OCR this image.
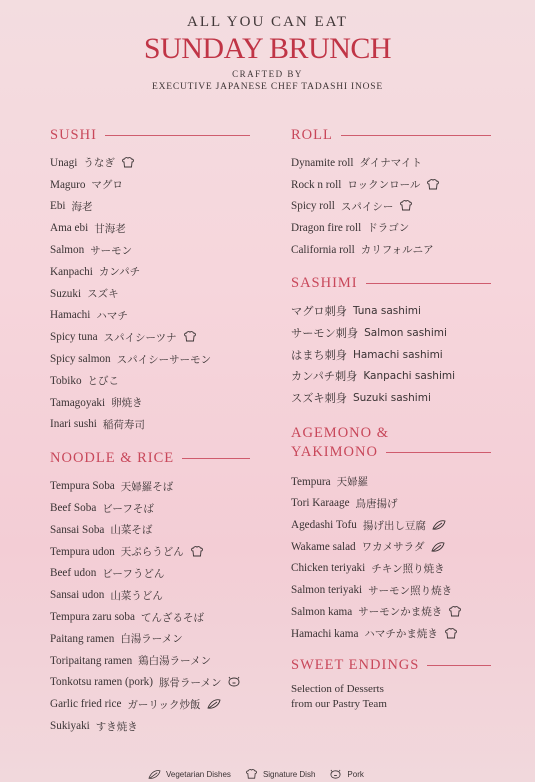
ALL YOU CAN EAT
SUNDAY BRUNCH
CRAFTED BY
EXECUTIVE JAPANESE CHEF TADASHI INOSE
SUSHI
Unagi うなぎ
Maguro マグロ
Ebi 海老
Ama ebi 甘海老
Salmon サーモン
Kanpachi カンパチ
Suzuki スズキ
Hamachi ハマチ
Spicy tuna スパイシーツナ
Spicy salmon スパイシーサーモン
Tobiko とびこ
Tamagoyaki 卵焼き
Inari sushi 稲荷寿司
NOODLE & RICE
Tempura Soba 天婦羅そば
Beef Soba ビーフそば
Sansai Soba 山菜そば
Tempura udon 天ぷらうどん
Beef udon ビーフうどん
Sansai udon 山菜うどん
Tempura zaru soba てんざるそば
Paitang ramen 白湯ラーメン
Toripaitang ramen 鶏白湯ラーメン
Tonkotsu ramen (pork) 豚骨ラーメン
Garlic fried rice ガーリック炒飯
Sukiyaki すき焼き
ROLL
Dynamite roll ダイナマイト
Rock n roll ロックンロール
Spicy roll スパイシー
Dragon fire roll ドラゴン
California roll カリフォルニア
SASHIMI
マグロ刺身 Tuna sashimi
サーモン刺身 Salmon sashimi
はまち刺身 Hamachi sashimi
カンパチ刺身 Kanpachi sashimi
スズキ刺身 Suzuki sashimi
AGEMONO &
YAKIMONO
Tempura 天婦羅
Tori Karaage 鳥唐揚げ
Agedashi Tofu 揚げ出し豆腐
Wakame salad ワカメサラダ
Chicken teriyaki チキン照り焼き
Salmon teriyaki サーモン照り焼き
Salmon kama サーモンかま焼き
Hamachi kama ハマチかま焼き
SWEET ENDINGS
Selection of Desserts
from our Pastry Team
Vegetarian Dishes	Signature Dish	Pork
